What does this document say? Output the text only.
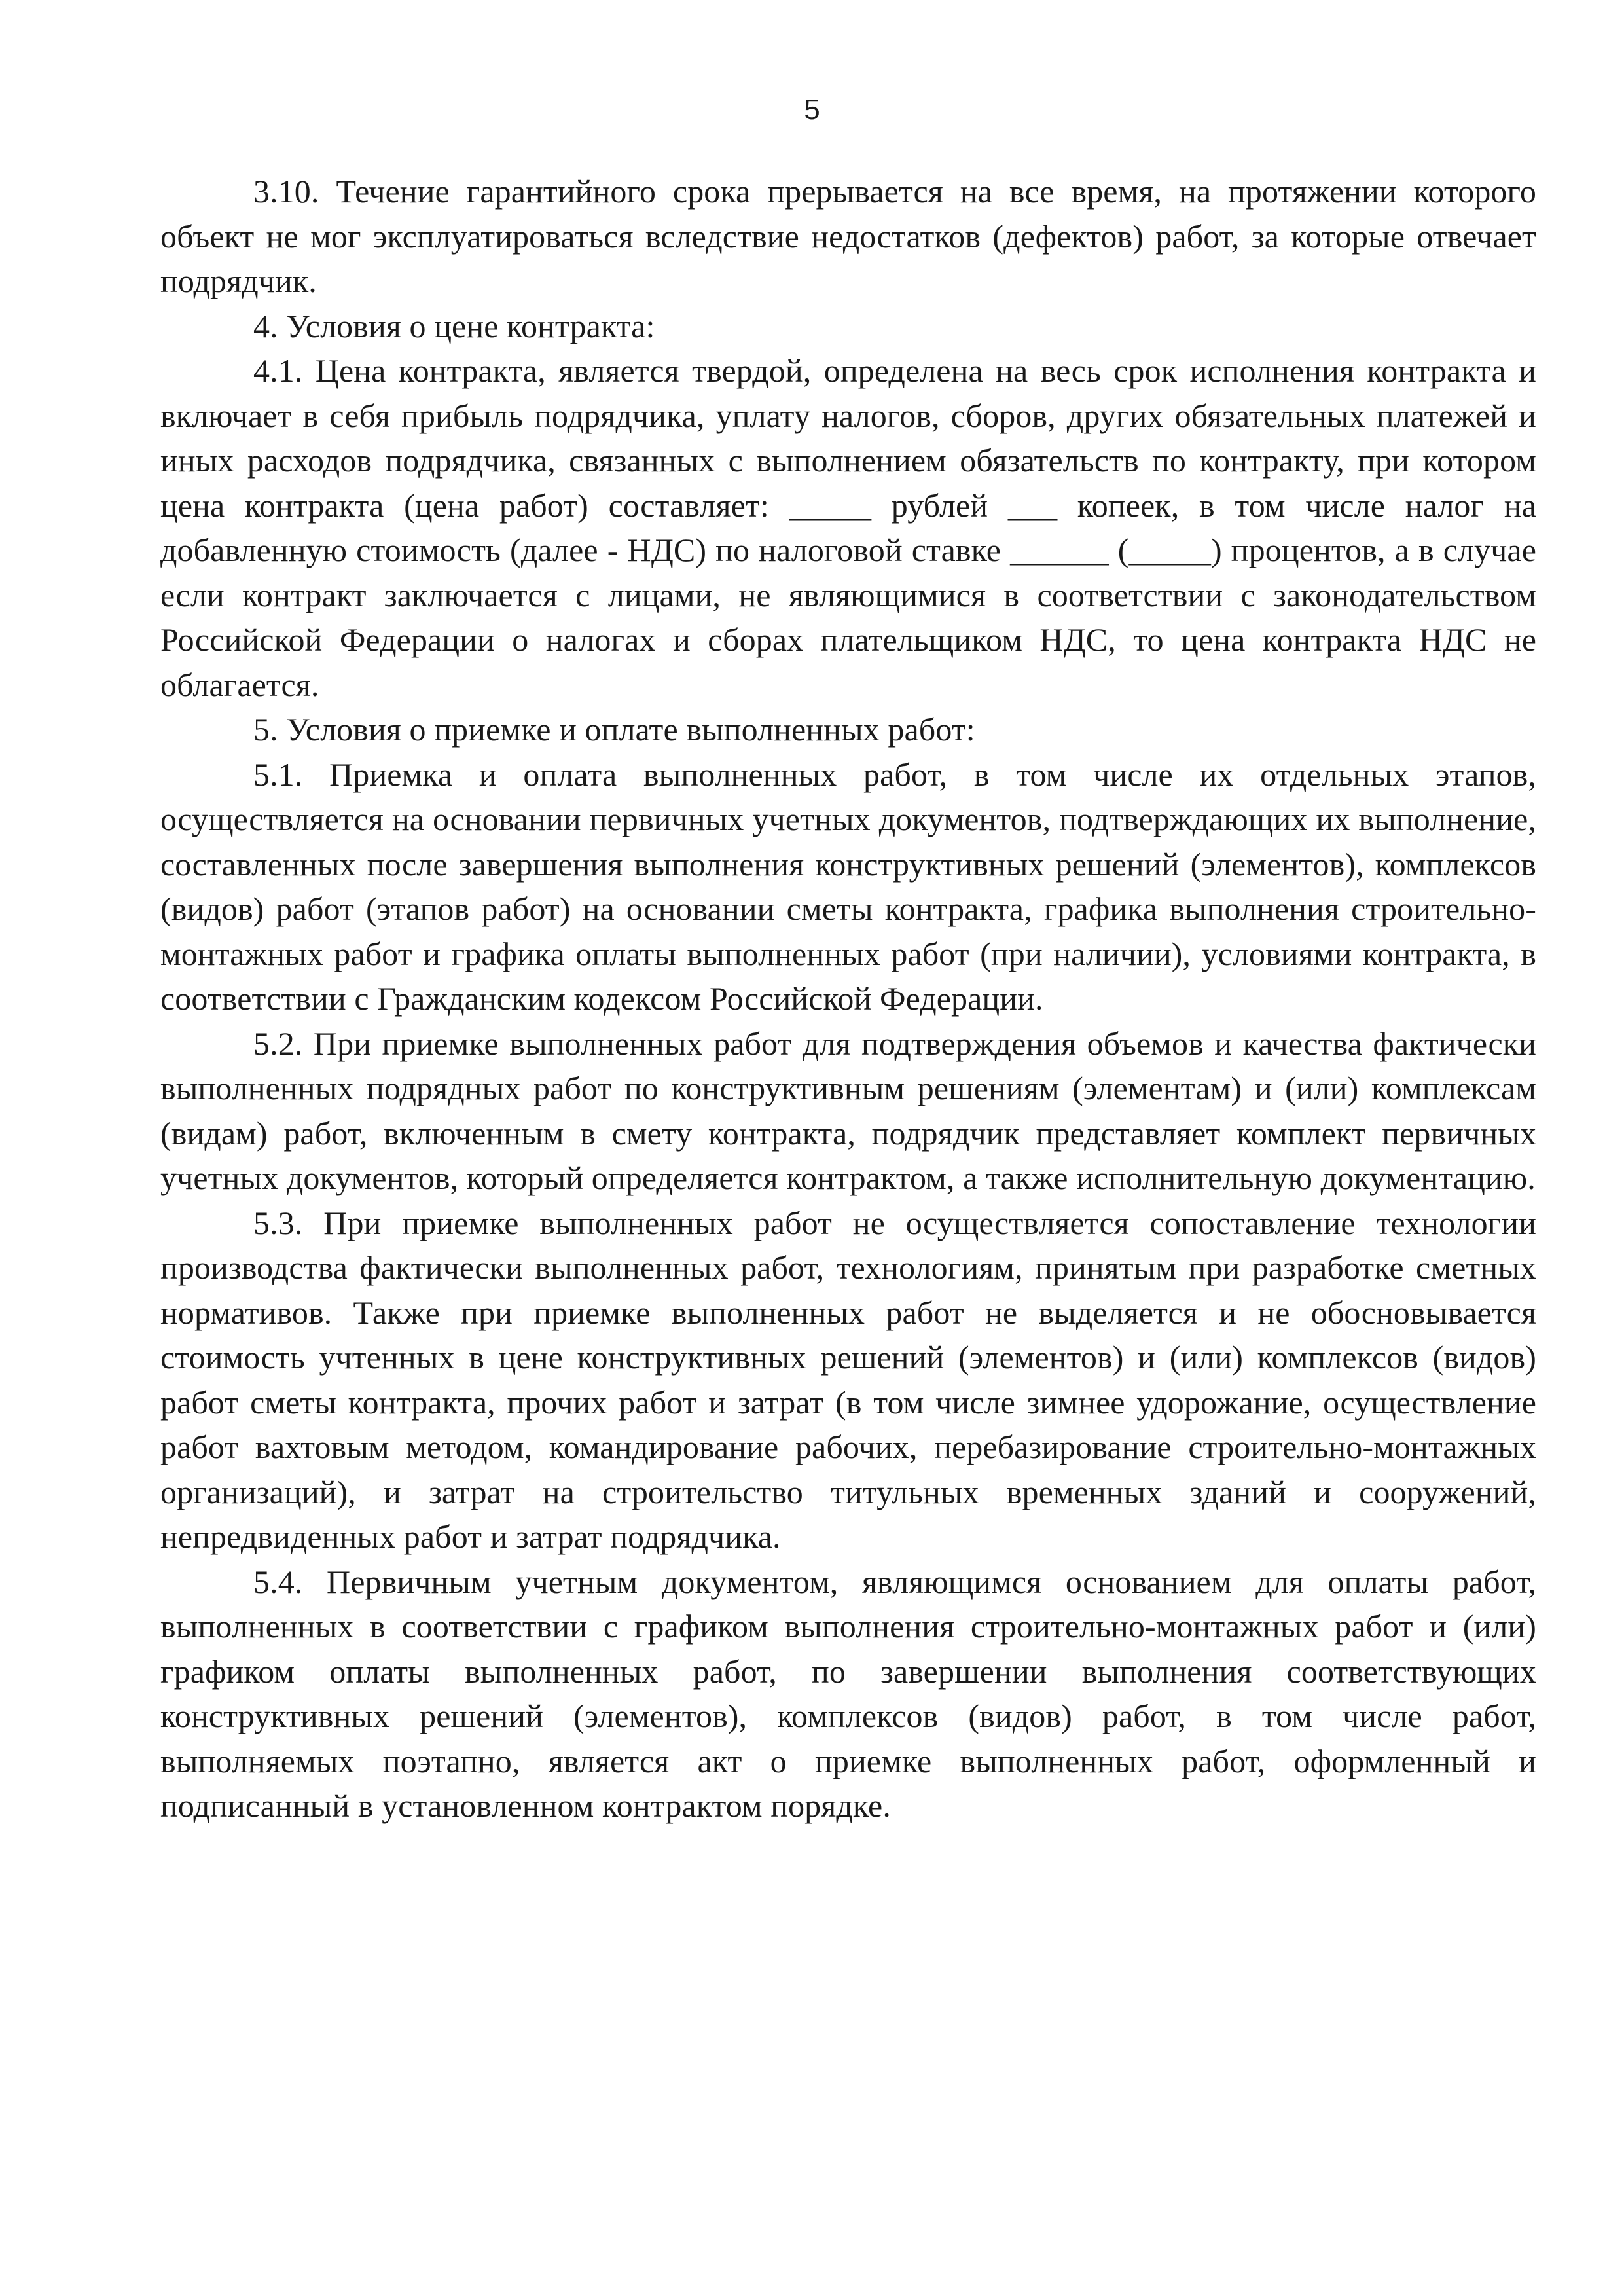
5

3.10. Течение гарантийного срока прерывается на все время, на протяжении которого объект не мог эксплуатироваться вследствие недостатков (дефектов) работ, за которые отвечает подрядчик.

4. Условия о цене контракта:

4.1. Цена контракта, является твердой, определена на весь срок исполнения контракта и включает в себя прибыль подрядчика, уплату налогов, сборов, других обязательных платежей и иных расходов подрядчика, связанных с выполнением обязательств по контракту, при котором цена контракта (цена работ) составляет: _____ рублей ___ копеек, в том числе налог на добавленную стоимость (далее - НДС) по налоговой ставке ______ (_____) процентов, а в случае если контракт заключается с лицами, не являющимися в соответствии с законодательством Российской Федерации о налогах и сборах плательщиком НДС, то цена контракта НДС не облагается.

5. Условия о приемке и оплате выполненных работ:

5.1. Приемка и оплата выполненных работ, в том числе их отдельных этапов, осуществляется на основании первичных учетных документов, подтверждающих их выполнение, составленных после завершения выполнения конструктивных решений (элементов), комплексов (видов) работ (этапов работ) на основании сметы контракта, графика выполнения строительно-монтажных работ и графика оплаты выполненных работ (при наличии), условиями контракта, в соответствии с Гражданским кодексом Российской Федерации.

5.2. При приемке выполненных работ для подтверждения объемов и качества фактически выполненных подрядных работ по конструктивным решениям (элементам) и (или) комплексам (видам) работ, включенным в смету контракта, подрядчик представляет комплект первичных учетных документов, который определяется контрактом, а также исполнительную документацию.

5.3. При приемке выполненных работ не осуществляется сопоставление технологии производства фактически выполненных работ, технологиям, принятым при разработке сметных нормативов. Также при приемке выполненных работ не выделяется и не обосновывается стоимость учтенных в цене конструктивных решений (элементов) и (или) комплексов (видов) работ сметы контракта, прочих работ и затрат (в том числе зимнее удорожание, осуществление работ вахтовым методом, командирование рабочих, перебазирование строительно-монтажных организаций), и затрат на строительство титульных временных зданий и сооружений, непредвиденных работ и затрат подрядчика.

5.4. Первичным учетным документом, являющимся основанием для оплаты работ, выполненных в соответствии с графиком выполнения строительно-монтажных работ и (или) графиком оплаты выполненных работ, по завершении выполнения соответствующих конструктивных решений (элементов), комплексов (видов) работ, в том числе работ, выполняемых поэтапно, является акт о приемке выполненных работ, оформленный и подписанный в установленном контрактом порядке.
